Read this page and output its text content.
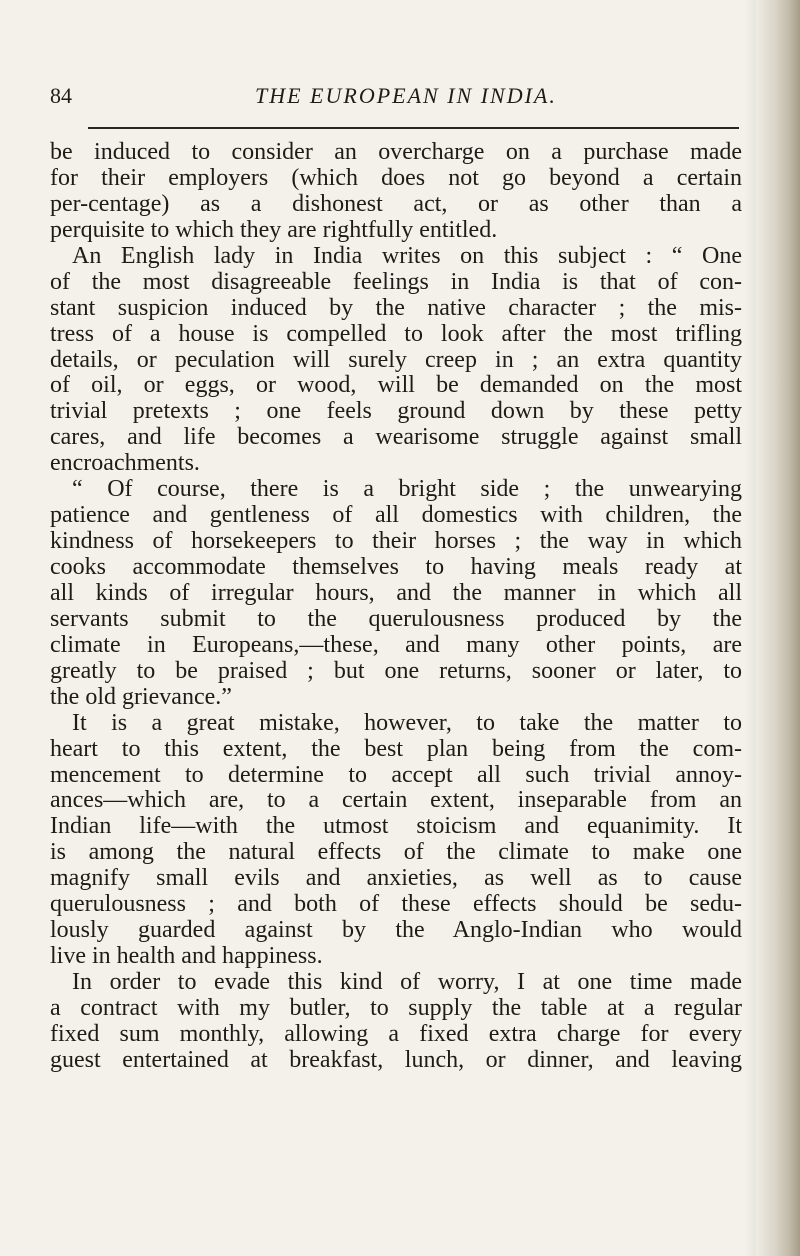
84	THE EUROPEAN IN INDIA.
be induced to consider an overcharge on a purchase made
for their employers (which does not go beyond a certain
per-centage) as a dishonest act, or as other than a
perquisite to which they are rightfully entitled.
An English lady in India writes on this subject : “ One
of the most disagreeable feelings in India is that of con-
stant suspicion induced by the native character ; the mis-
tress of a house is compelled to look after the most trifling
details, or peculation will surely creep in ; an extra quantity
of oil, or eggs, or wood, will be demanded on the most
trivial pretexts ; one feels ground down by these petty
cares, and life becomes a wearisome struggle against small
encroachments.
“ Of course, there is a bright side ; the unwearying
patience and gentleness of all domestics with children, the
kindness of horsekeepers to their horses ; the way in which
cooks accommodate themselves to having meals ready at
all kinds of irregular hours, and the manner in which all
servants submit to the querulousness produced by the
climate in Europeans,—these, and many other points, are
greatly to be praised ; but one returns, sooner or later, to
the old grievance.”
It is a great mistake, however, to take the matter to
heart to this extent, the best plan being from the com-
mencement to determine to accept all such trivial annoy-
ances—which are, to a certain extent, inseparable from an
Indian life—with the utmost stoicism and equanimity. It
is among the natural effects of the climate to make one
magnify small evils and anxieties, as well as to cause
querulousness ; and both of these effects should be sedu-
lously guarded against by the Anglo-Indian who would
live in health and happiness.
In order to evade this kind of worry, I at one time made
a contract with my butler, to supply the table at a regular
fixed sum monthly, allowing a fixed extra charge for every
guest entertained at breakfast, lunch, or dinner, and leaving
